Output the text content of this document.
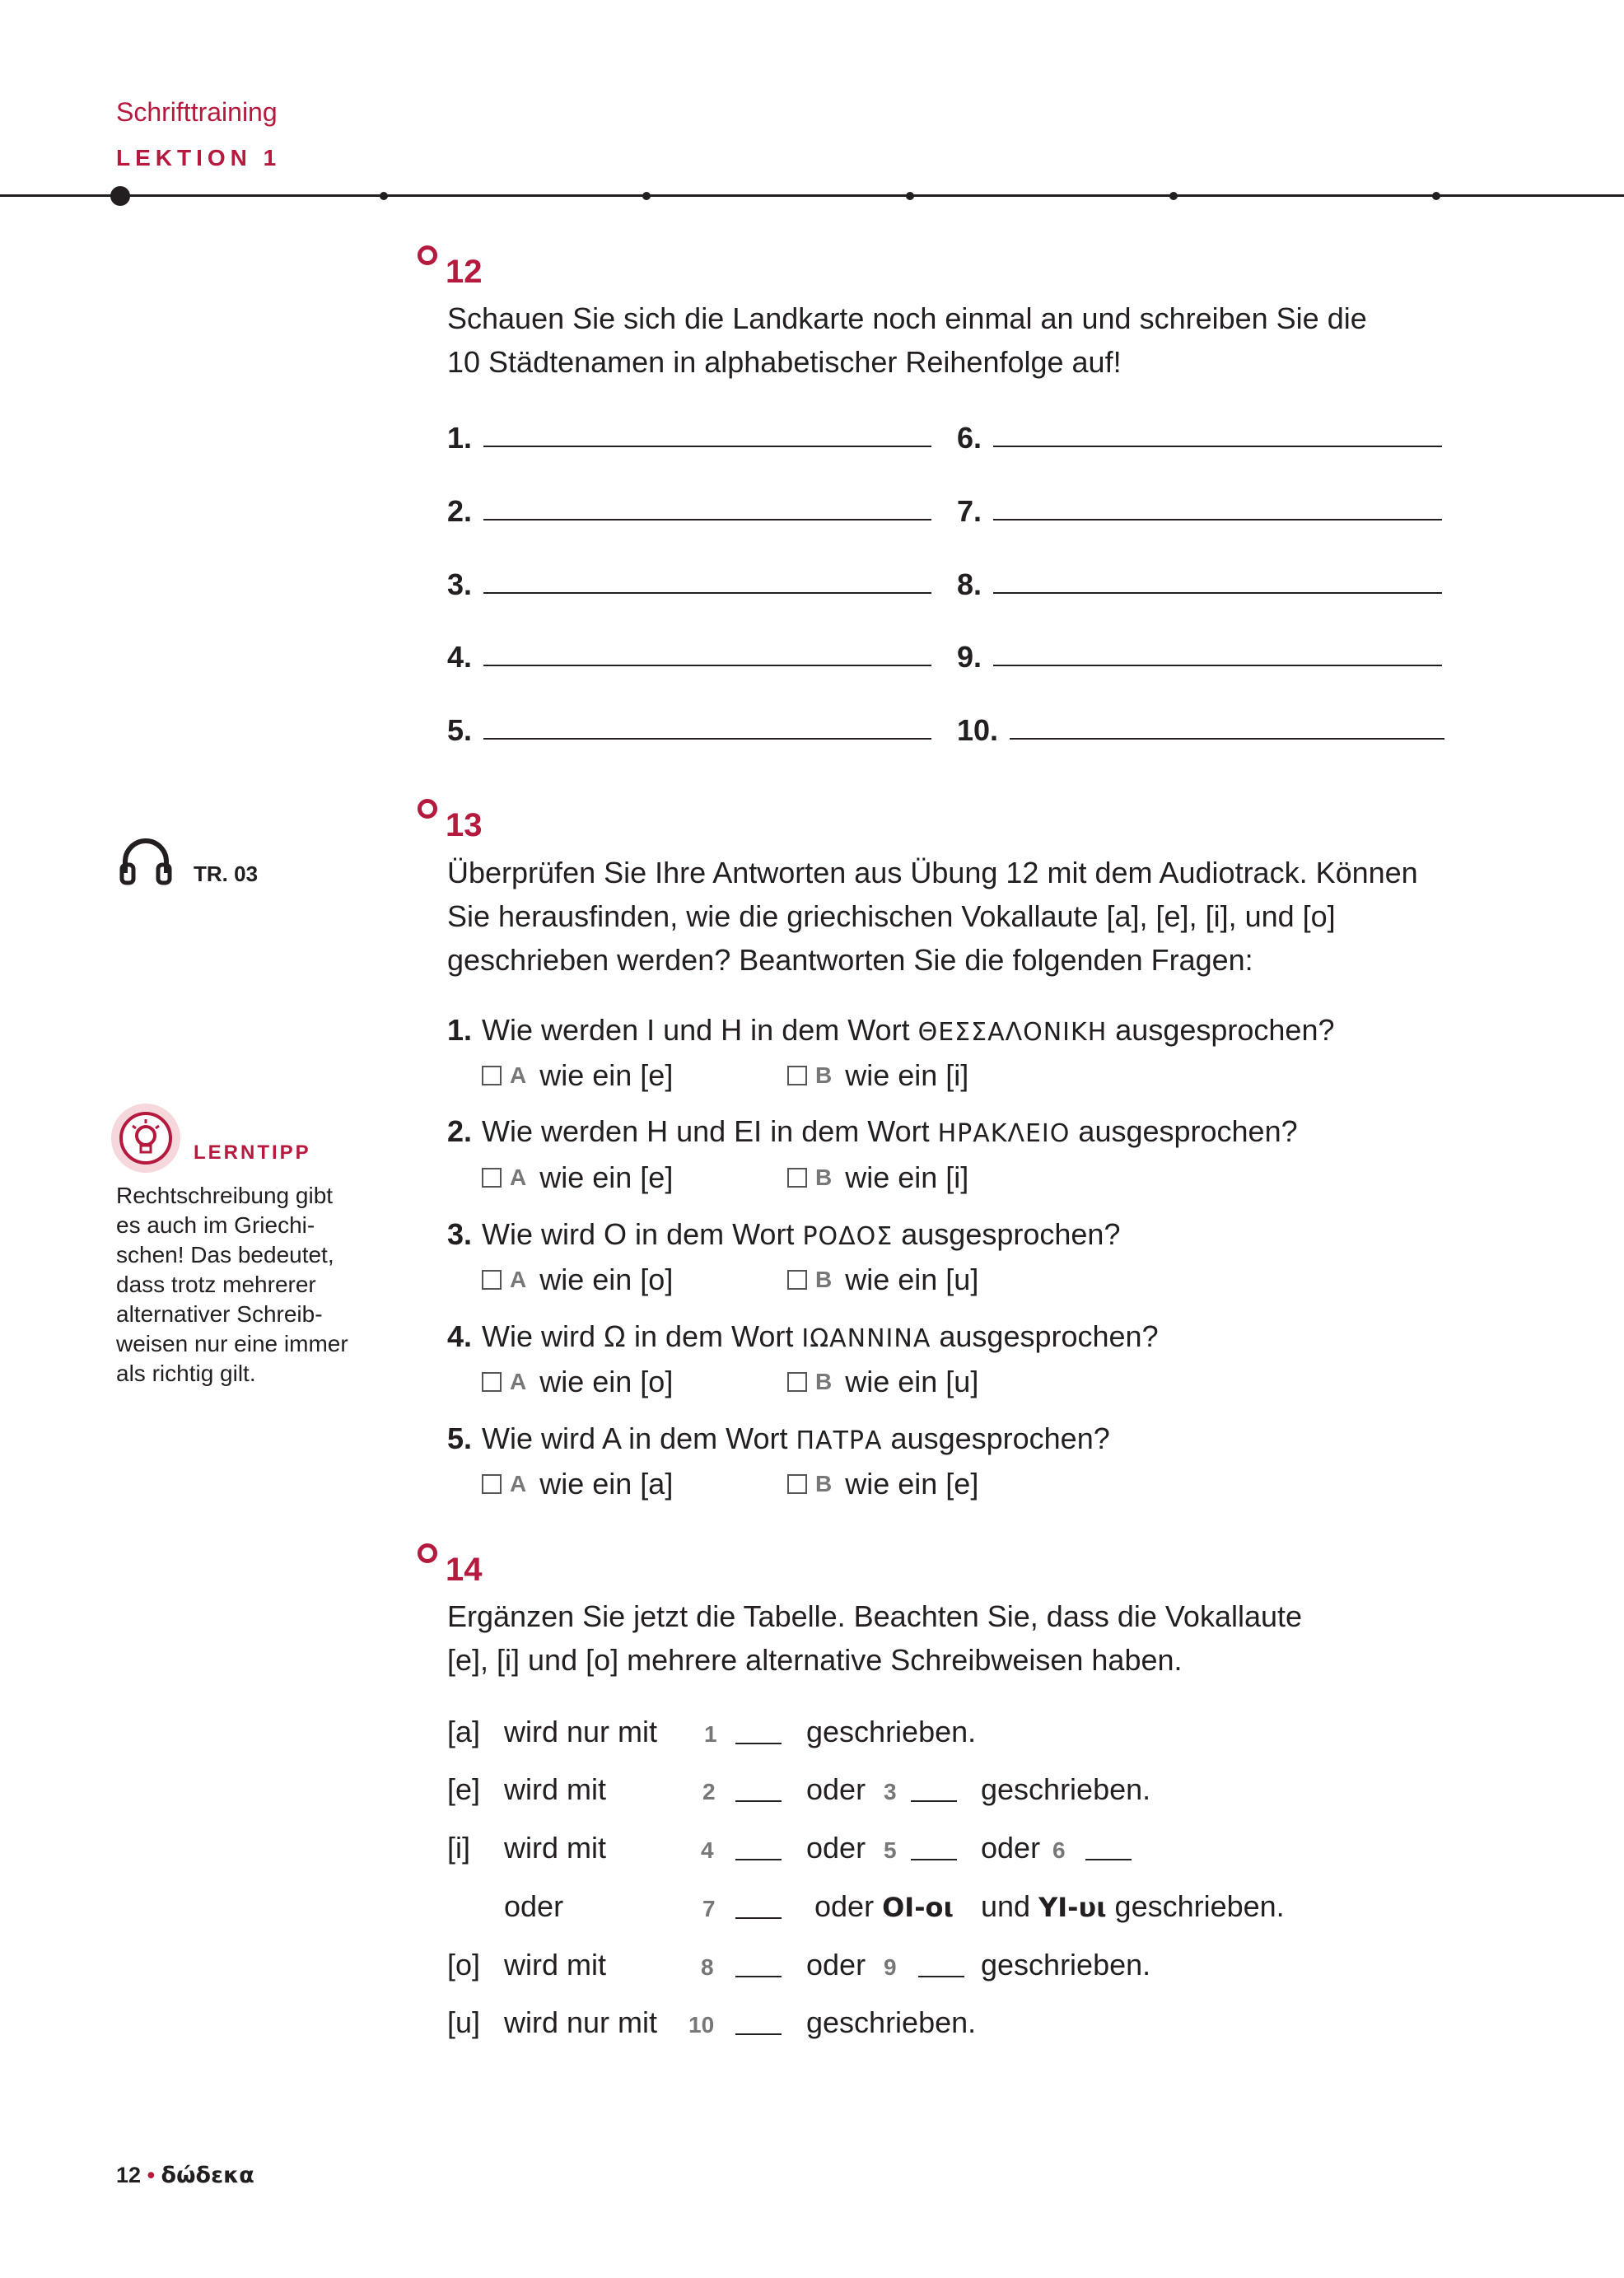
Schrifttraining
LEKTION 1
12
Schauen Sie sich die Landkarte noch einmal an und schreiben Sie die
10 Städtenamen in alphabetischer Reihenfolge auf!
1.
2.
3.
4.
5.
6.
7.
8.
9.
10.
TR. 03
13
Überprüfen Sie Ihre Antworten aus Übung 12 mit dem Audiotrack. Können
Sie herausfinden, wie die griechischen Vokallaute [a], [e], [i], und [o]
geschrieben werden? Beantworten Sie die folgenden Fragen:
1. Wie werden I und H in dem Wort ΘΕΣΣΑΛΟΝΙΚΗ ausgesprochen?
A wie ein [e]	B wie ein [i]
2. Wie werden H und EI in dem Wort ΗΡΑΚΛΕΙΟ ausgesprochen?
A wie ein [e]	B wie ein [i]
3. Wie wird O in dem Wort ΡΟΔΟΣ ausgesprochen?
A wie ein [o]	B wie ein [u]
4. Wie wird Ω in dem Wort ΙΩΑΝΝΙΝΑ ausgesprochen?
A wie ein [o]	B wie ein [u]
5. Wie wird A in dem Wort ΠΑΤΡΑ ausgesprochen?
A wie ein [a]	B wie ein [e]
LERNTIPP
Rechtschreibung gibt
es auch im Griechi-
schen! Das bedeutet,
dass trotz mehrerer
alternativer Schreib-
weisen nur eine immer
als richtig gilt.
14
Ergänzen Sie jetzt die Tabelle. Beachten Sie, dass die Vokallaute
[e], [i] und [o] mehrere alternative Schreibweisen haben.
[a] wird nur mit 1	geschrieben.
[e] wird mit	2	oder 3	geschrieben.
[i] wird mit	4	oder 5	oder 6
oder	7	oder OI-οι und YI-υι geschrieben.
[o] wird mit	8	oder 9	geschrieben.
[u] wird nur mit 10	geschrieben.
12 • δώδεκα
